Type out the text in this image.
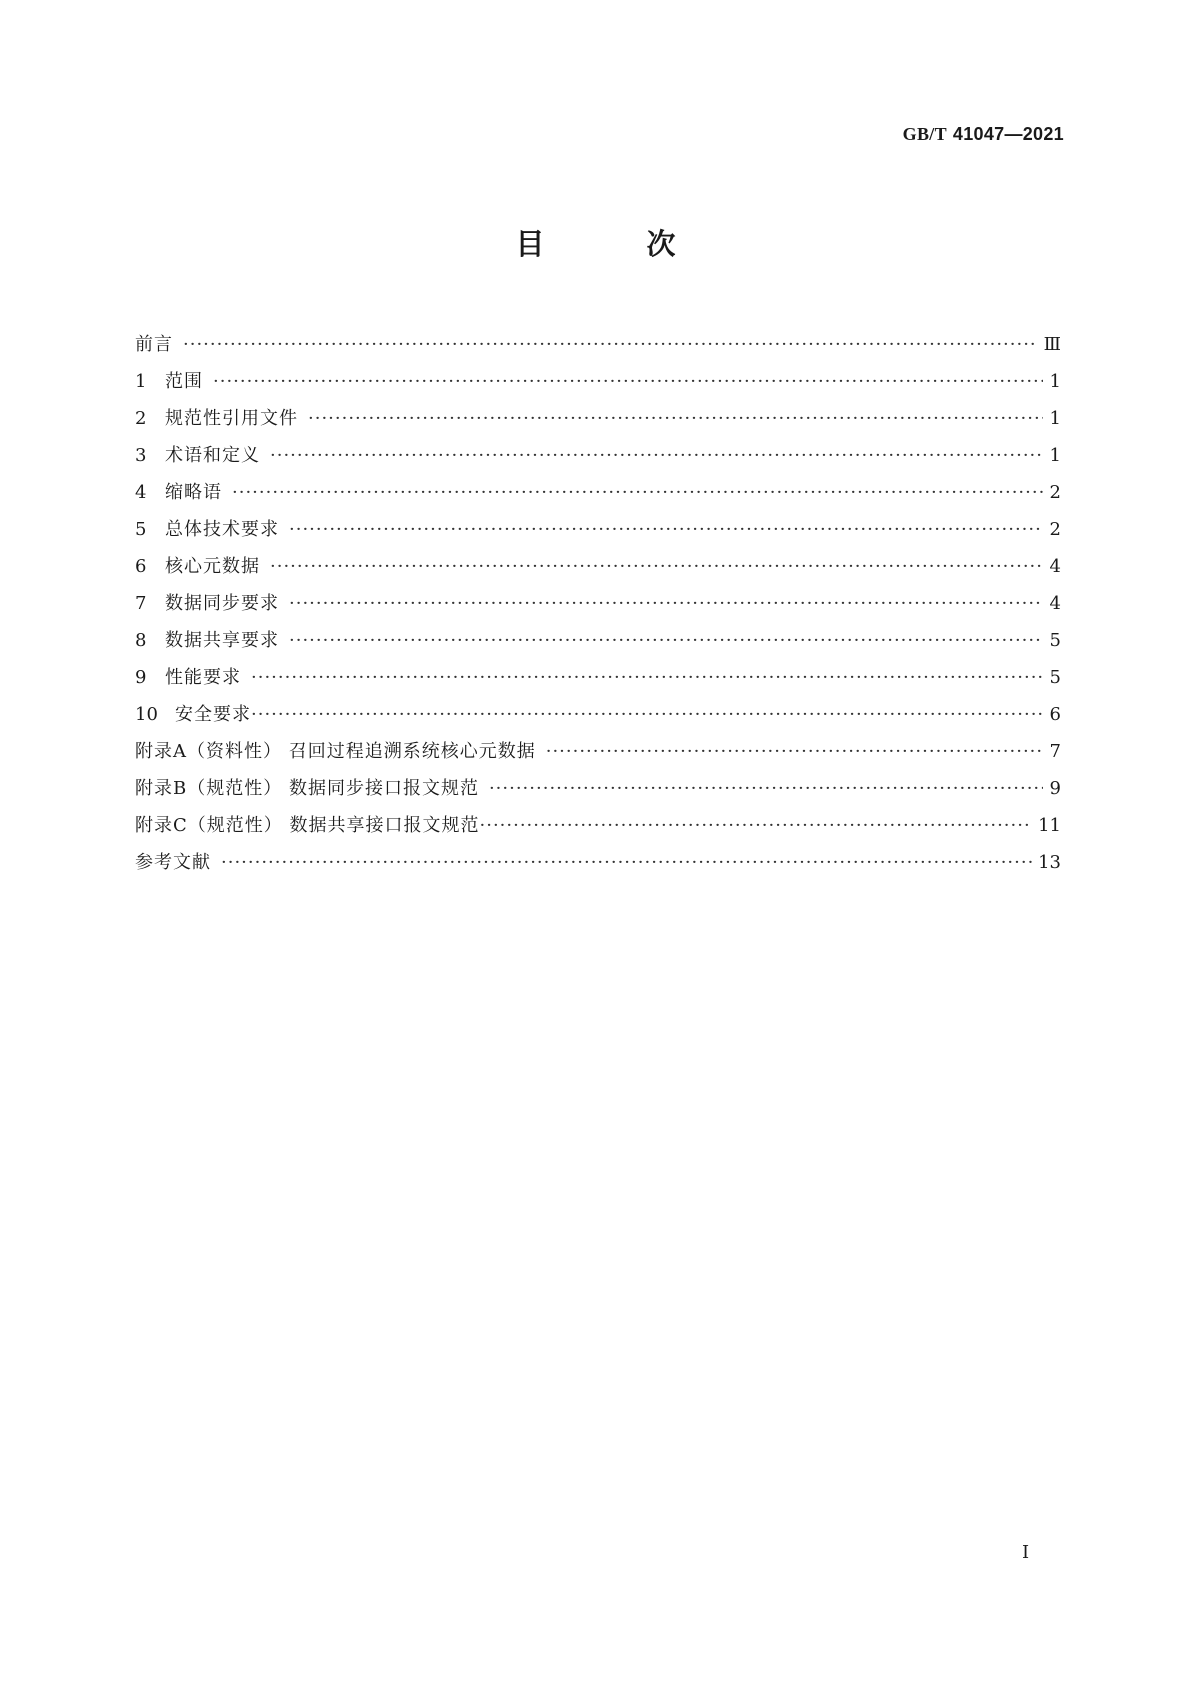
GB/T 41047—2021
目 次
前言 ·····	Ⅲ
1	范围 ·····	1
2	规范性引用文件 ·····	1
3	术语和定义 ·····	1
4	缩略语 ·····	2
5	总体技术要求 ·····	2
6	核心元数据 ·····	4
7	数据同步要求 ·····	4
8	数据共享要求 ·····	5
9	性能要求 ·····	5
10 安全要求 ·····	6
附录A（资料性） 召回过程追溯系统核心元数据 ·····	7
附录B（规范性） 数据同步接口报文规范 ·····	9
附录C（规范性） 数据共享接口报文规范 ·····	11
参考文献 ·····	13
Ⅰ
